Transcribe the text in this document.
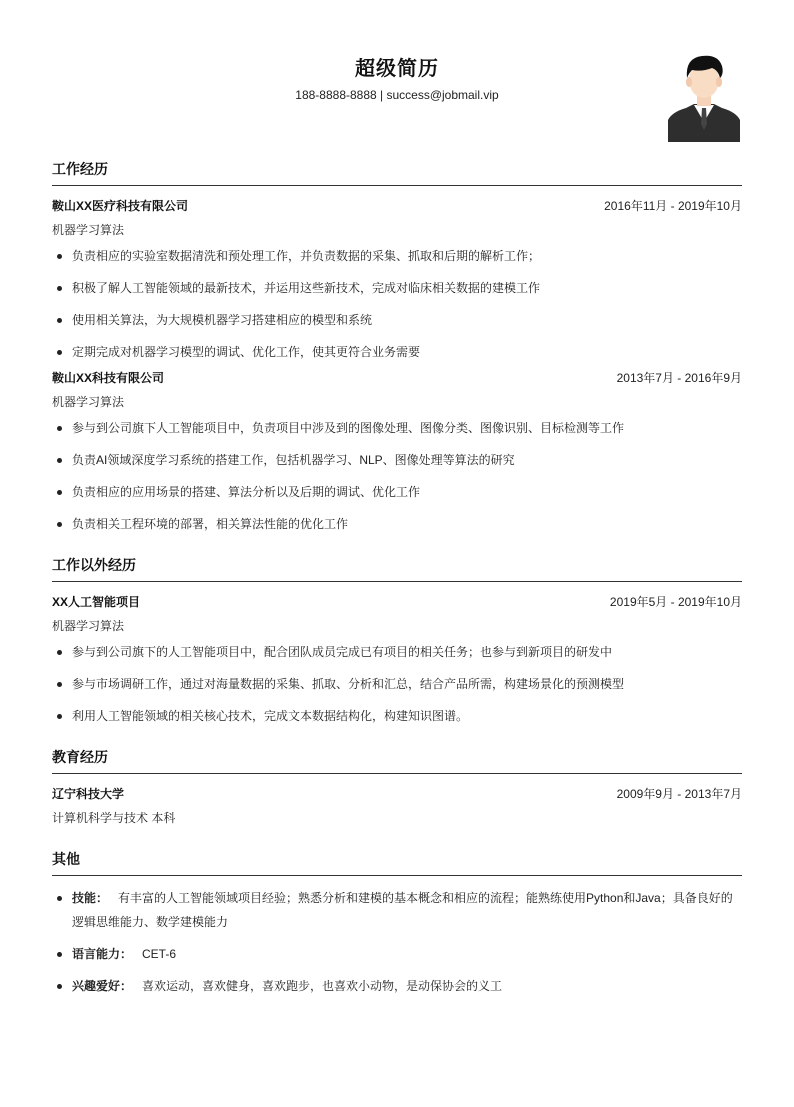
超级简历
188-8888-8888 | success@jobmail.vip
工作经历
鞍山XX医疗科技有限公司	2016年11月 - 2019年10月
机器学习算法
负责相应的实验室数据清洗和预处理工作，并负责数据的采集、抓取和后期的解析工作；
积极了解人工智能领域的最新技术，并运用这些新技术，完成对临床相关数据的建模工作
使用相关算法，为大规模机器学习搭建相应的模型和系统
定期完成对机器学习模型的调试、优化工作，使其更符合业务需要
鞍山XX科技有限公司	2013年7月 - 2016年9月
机器学习算法
参与到公司旗下人工智能项目中，负责项目中涉及到的图像处理、图像分类、图像识别、目标检测等工作
负责AI领域深度学习系统的搭建工作，包括机器学习、NLP、图像处理等算法的研究
负责相应的应用场景的搭建、算法分析以及后期的调试、优化工作
负责相关工程环境的部署，相关算法性能的优化工作
工作以外经历
XX人工智能项目	2019年5月 - 2019年10月
机器学习算法
参与到公司旗下的人工智能项目中，配合团队成员完成已有项目的相关任务；也参与到新项目的研发中
参与市场调研工作，通过对海量数据的采集、抓取、分析和汇总，结合产品所需，构建场景化的预测模型
利用人工智能领域的相关核心技术，完成文本数据结构化，构建知识图谱。
教育经历
辽宁科技大学	2009年9月 - 2013年7月
计算机科学与技术 本科
其他
技能： 有丰富的人工智能领域项目经验；熟悉分析和建模的基本概念和相应的流程；能熟练使用Python和Java；具备良好的逻辑思维能力、数学建模能力
语言能力： CET-6
兴趣爱好： 喜欢运动，喜欢健身，喜欢跑步，也喜欢小动物，是动保协会的义工
